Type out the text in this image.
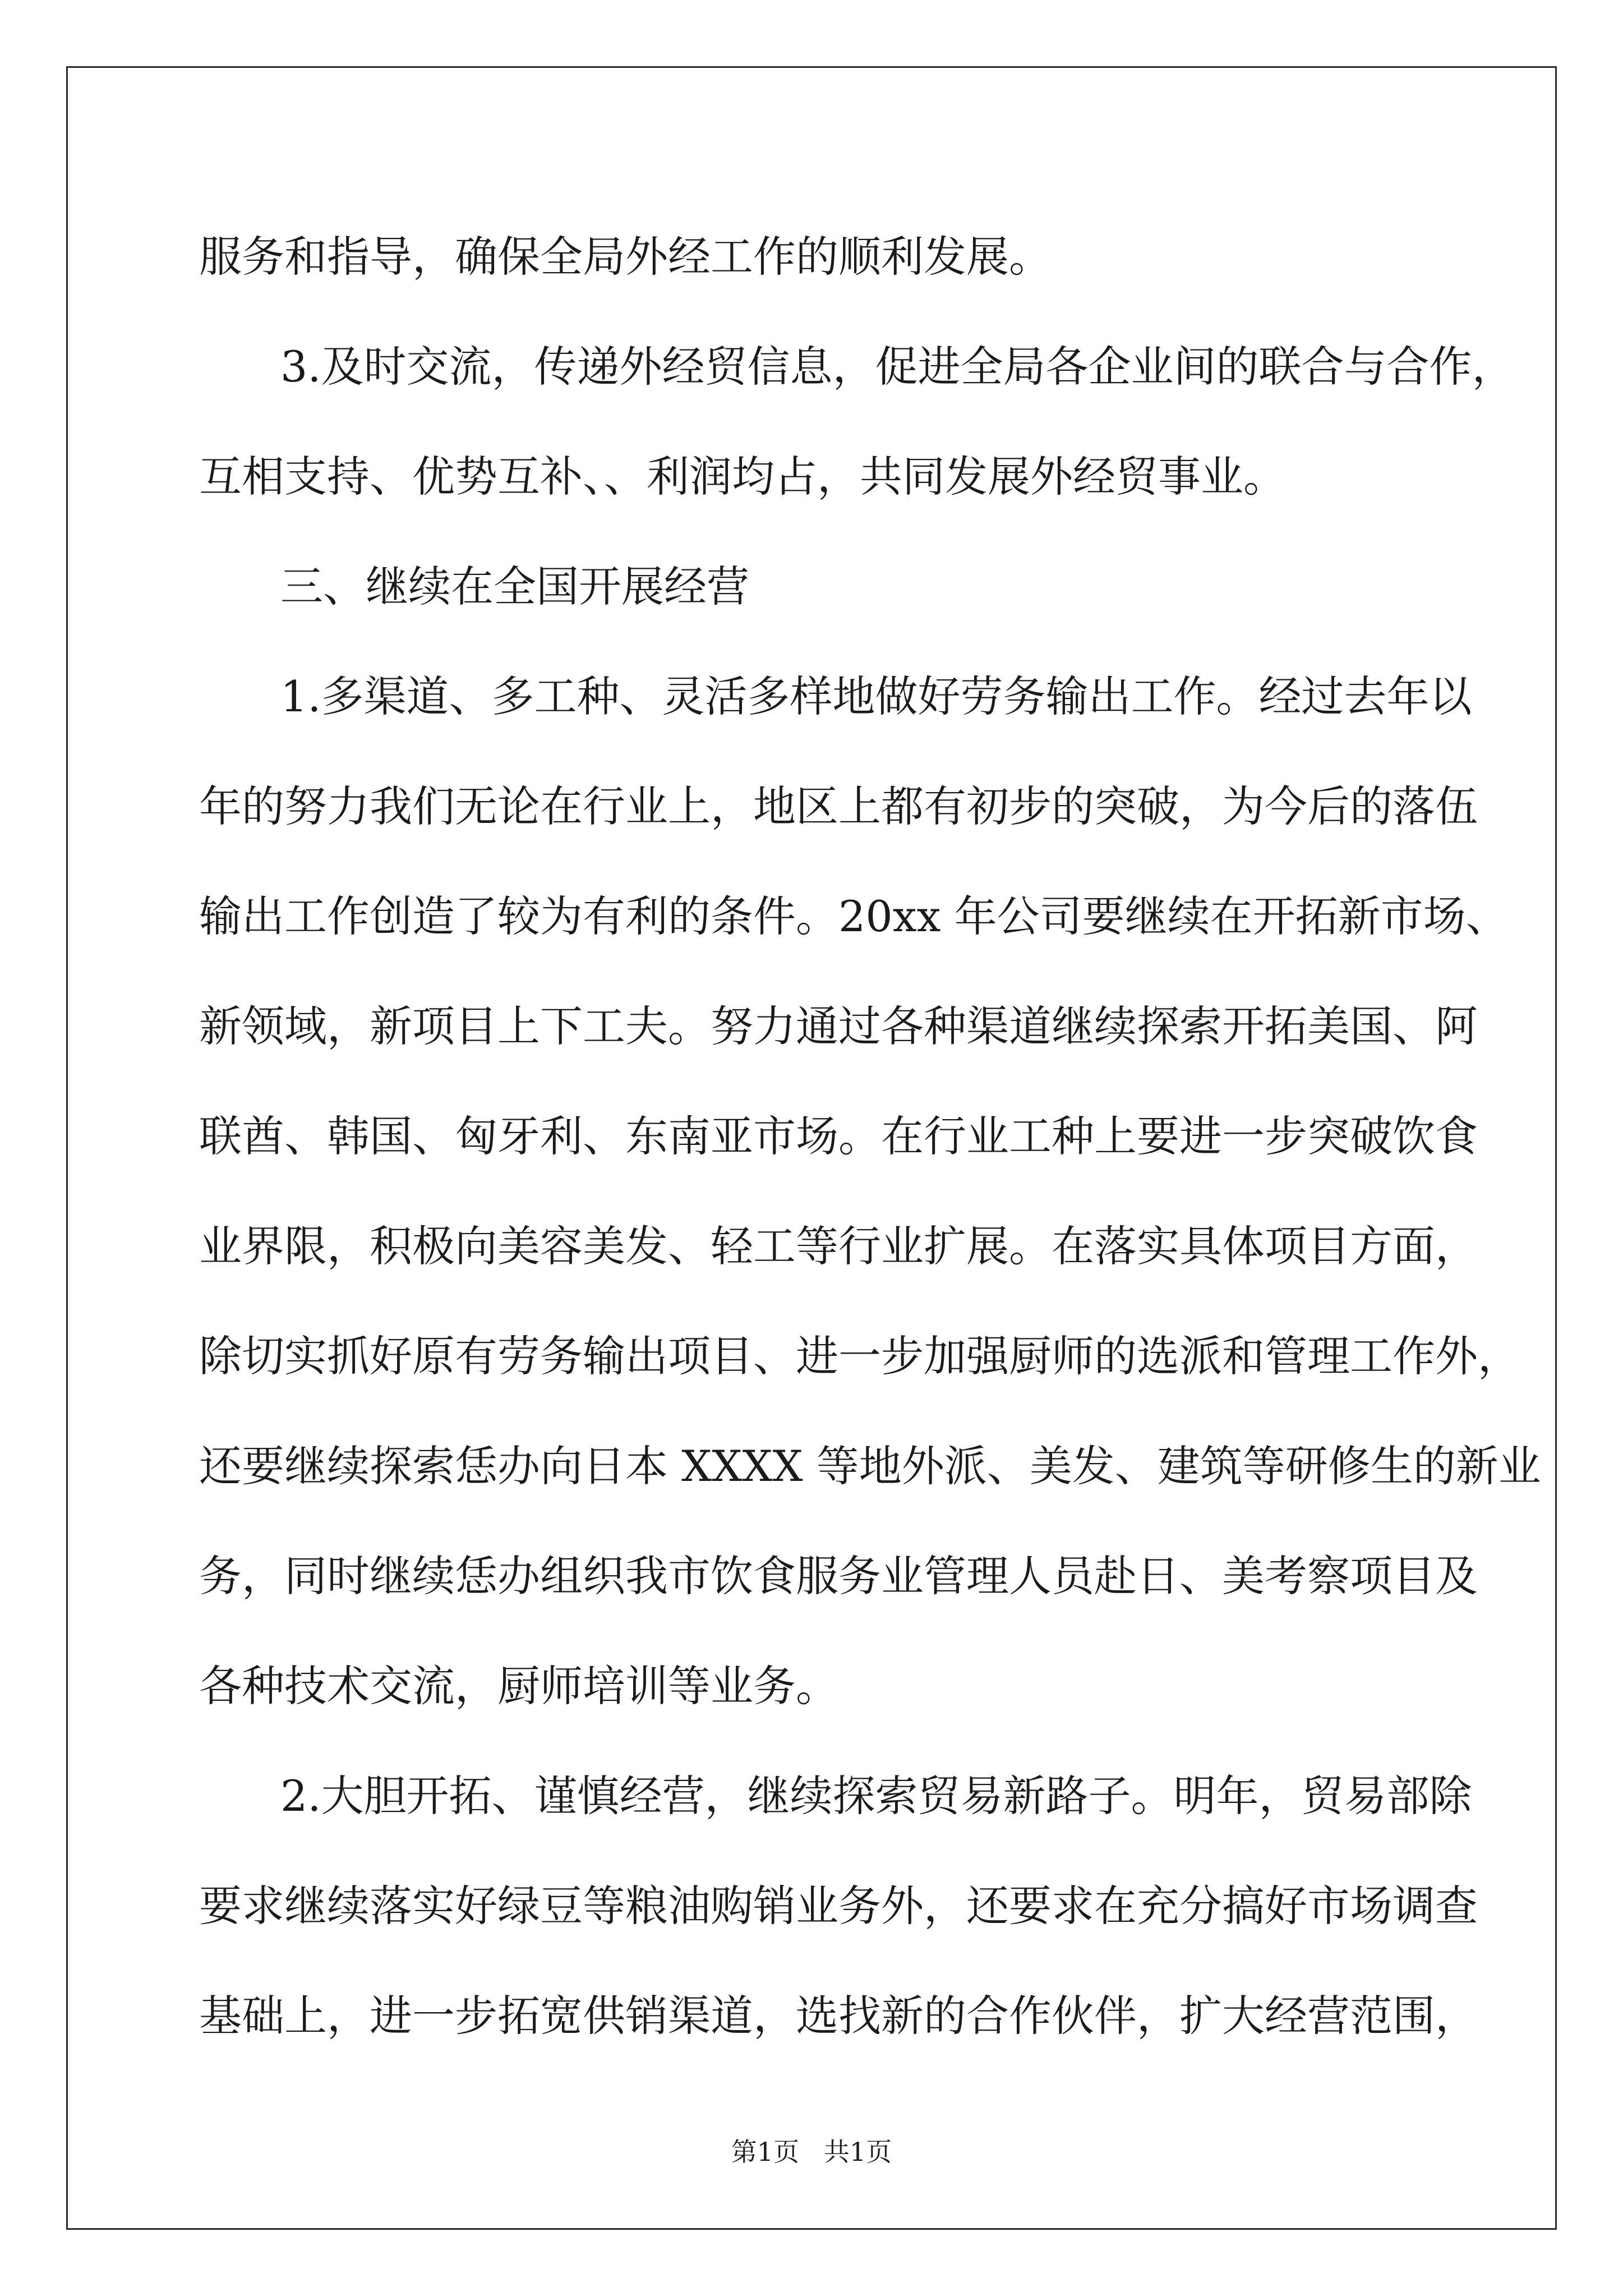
服务和指导，确保全局外经工作的顺利发展。
3.及时交流，传递外经贸信息，促进全局各企业间的联合与合作，
互相支持、优势互补、、利润均占，共同发展外经贸事业。
三、继续在全国开展经营
1.多渠道、多工种、灵活多样地做好劳务输出工作。经过去年以
年的努力我们无论在行业上，地区上都有初步的突破，为今后的落伍
输出工作创造了较为有利的条件。20xx 年公司要继续在开拓新市场、
新领域，新项目上下工夫。努力通过各种渠道继续探索开拓美国、阿
联酋、韩国、匈牙利、东南亚市场。在行业工种上要进一步突破饮食
业界限，积极向美容美发、轻工等行业扩展。在落实具体项目方面，
除切实抓好原有劳务输出项目、进一步加强厨师的选派和管理工作外，
还要继续探索恁办向日本 XXXX 等地外派、美发、建筑等研修生的新业
务，同时继续恁办组织我市饮食服务业管理人员赴日、美考察项目及
各种技术交流，厨师培训等业务。
2.大胆开拓、谨慎经营，继续探索贸易新路子。明年，贸易部除
要求继续落实好绿豆等粮油购销业务外，还要求在充分搞好市场调查
基础上，进一步拓宽供销渠道，选找新的合作伙伴，扩大经营范围，
第1页   共1页
